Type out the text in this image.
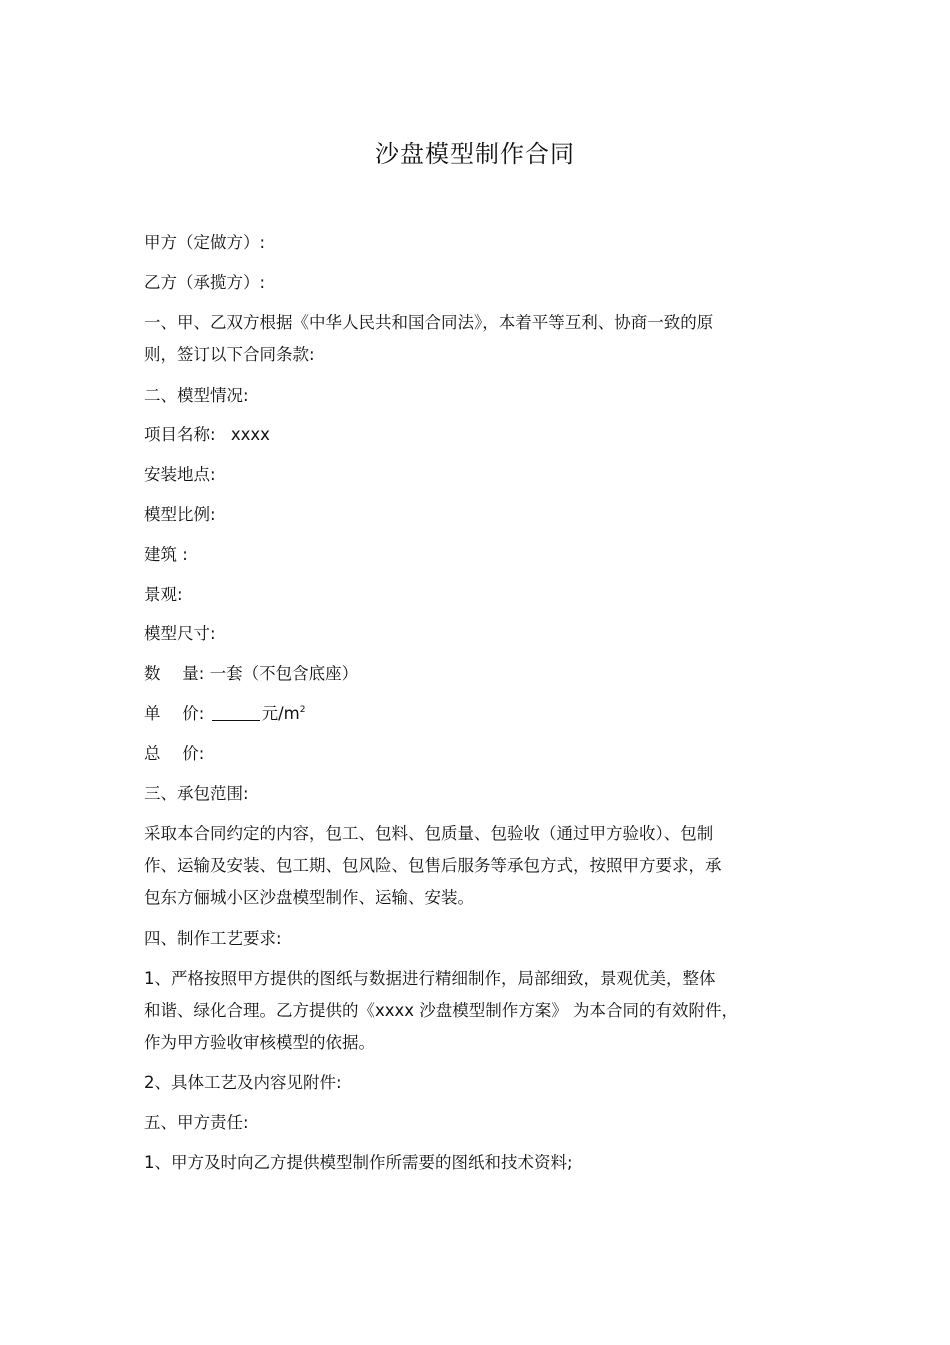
沙盘模型制作合同
甲方（定做方）:
乙方（承揽方）:
一、甲、乙双方根据《中华人民共和国合同法》，本着平等互利、协商一致的原
则，签订以下合同条款:
二、模型情况:
项目名称: xxxx
安装地点:
模型比例:
建筑 :
景观:
模型尺寸:
数　 量: 一套（不包含底座）
单　 价:	元$/m^2$
总　 价:
三、承包范围:
采取本合同约定的内容，包工、包料、包质量、包验收（通过甲方验收）、包制
作、运输及安装、包工期、包风险、包售后服务等承包方式，按照甲方要求，承
包东方俪城小区沙盘模型制作、运输、安装。
四、制作工艺要求:
1、严格按照甲方提供的图纸与数据进行精细制作，局部细致，景观优美，整体
和谐、绿化合理。乙方提供的《xxxx 沙盘模型制作方案》 为本合同的有效附件，
作为甲方验收审核模型的依据。
2、具体工艺及内容见附件:
五、甲方责任:
1、甲方及时向乙方提供模型制作所需要的图纸和技术资料;
